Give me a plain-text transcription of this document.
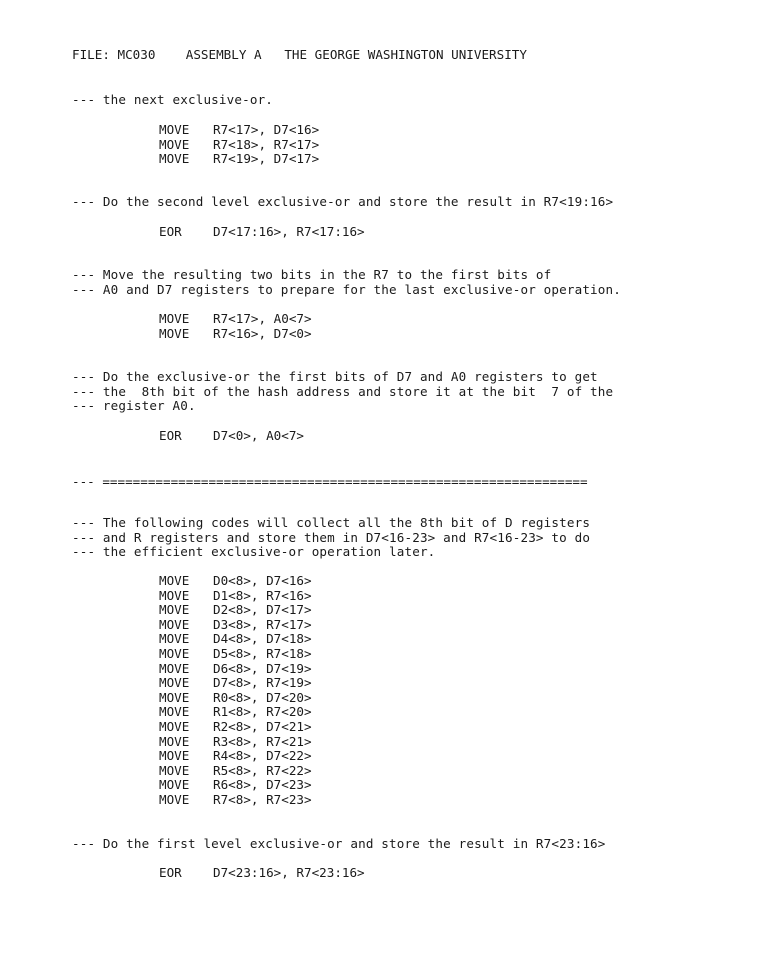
FILE: MC030 ASSEMBLY A THE GEORGE WASHINGTON UNIVERSITY
--- the next exclusive-or.
MOVE	R7<17>, D7<16>
MOVE	R7<18>, R7<17>
MOVE	R7<19>, D7<17>
--- Do the second level exclusive-or and store the result in R7<19:16>
EOR	D7<17:16>, R7<17:16>
--- Move the resulting two bits in the R7 to the first bits of
--- A0 and D7 registers to prepare for the last exclusive-or operation.
MOVE	R7<17>, A0<7>
MOVE	R7<16>, D7<0>
--- Do the exclusive-or the first bits of D7 and A0 registers to get
--- the  8th bit of the hash address and store it at the bit  7 of the
--- register A0.
EOR	D7<0>, A0<7>
--- ================================================================
--- The following codes will collect all the 8th bit of D registers
--- and R registers and store them in D7<16-23> and R7<16-23> to do
--- the efficient exclusive-or operation later.
MOVE	D0<8>, D7<16>
MOVE	D1<8>, R7<16>
MOVE	D2<8>, D7<17>
MOVE	D3<8>, R7<17>
MOVE	D4<8>, D7<18>
MOVE	D5<8>, R7<18>
MOVE	D6<8>, D7<19>
MOVE	D7<8>, R7<19>
MOVE	R0<8>, D7<20>
MOVE	R1<8>, R7<20>
MOVE	R2<8>, D7<21>
MOVE	R3<8>, R7<21>
MOVE	R4<8>, D7<22>
MOVE	R5<8>, R7<22>
MOVE	R6<8>, D7<23>
MOVE	R7<8>, R7<23>
--- Do the first level exclusive-or and store the result in R7<23:16>
EOR	D7<23:16>, R7<23:16>
